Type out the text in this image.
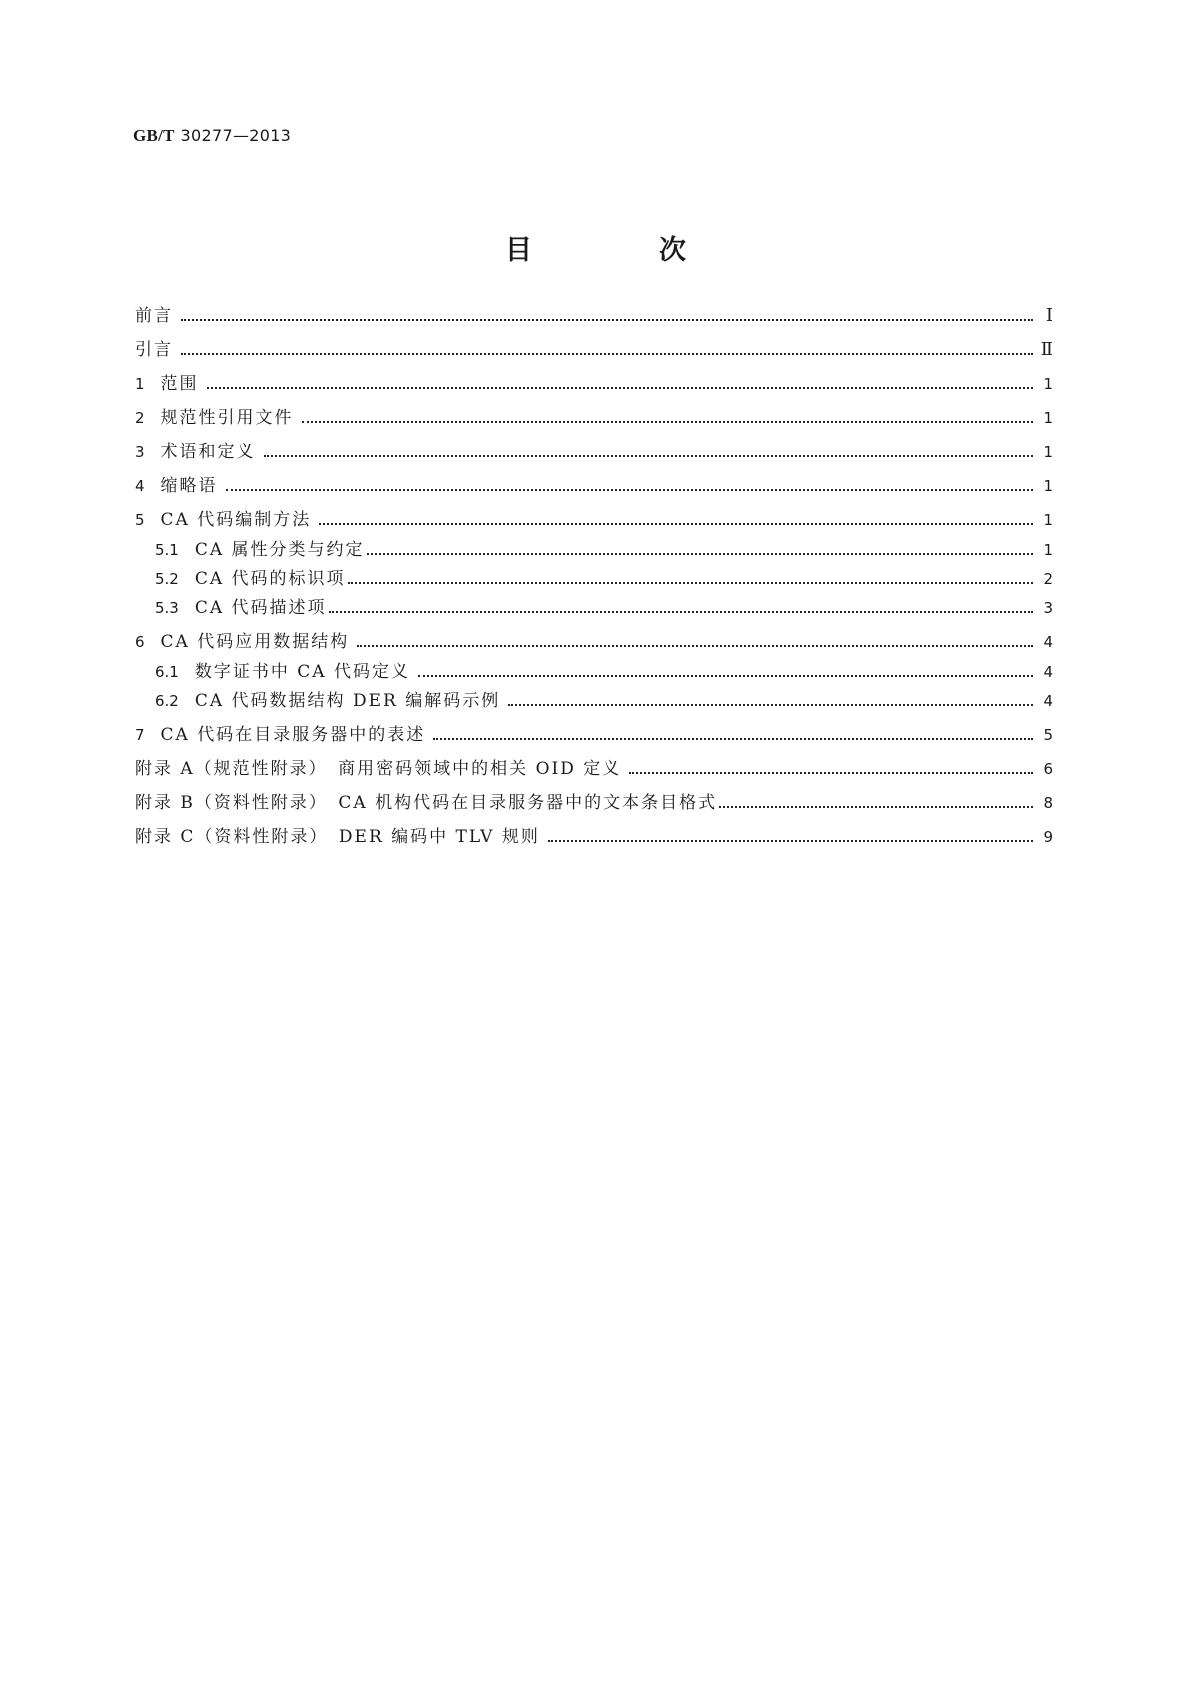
GB/T 30277—2013
目　次
前言	Ⅰ
引言	Ⅱ
1 范围	1
2 规范性引用文件	1
3 术语和定义	1
4 缩略语	1
5 CA 代码编制方法	1
5.1 CA 属性分类与约定	1
5.2 CA 代码的标识项	2
5.3 CA 代码描述项	3
6 CA 代码应用数据结构	4
6.1 数字证书中 CA 代码定义	4
6.2 CA 代码数据结构 DER 编解码示例	4
7 CA 代码在目录服务器中的表述	5
附录 A（规范性附录）　商用密码领域中的相关 OID 定义	6
附录 B（资料性附录）　CA 机构代码在目录服务器中的文本条目格式	8
附录 C（资料性附录）　DER 编码中 TLV 规则	9
